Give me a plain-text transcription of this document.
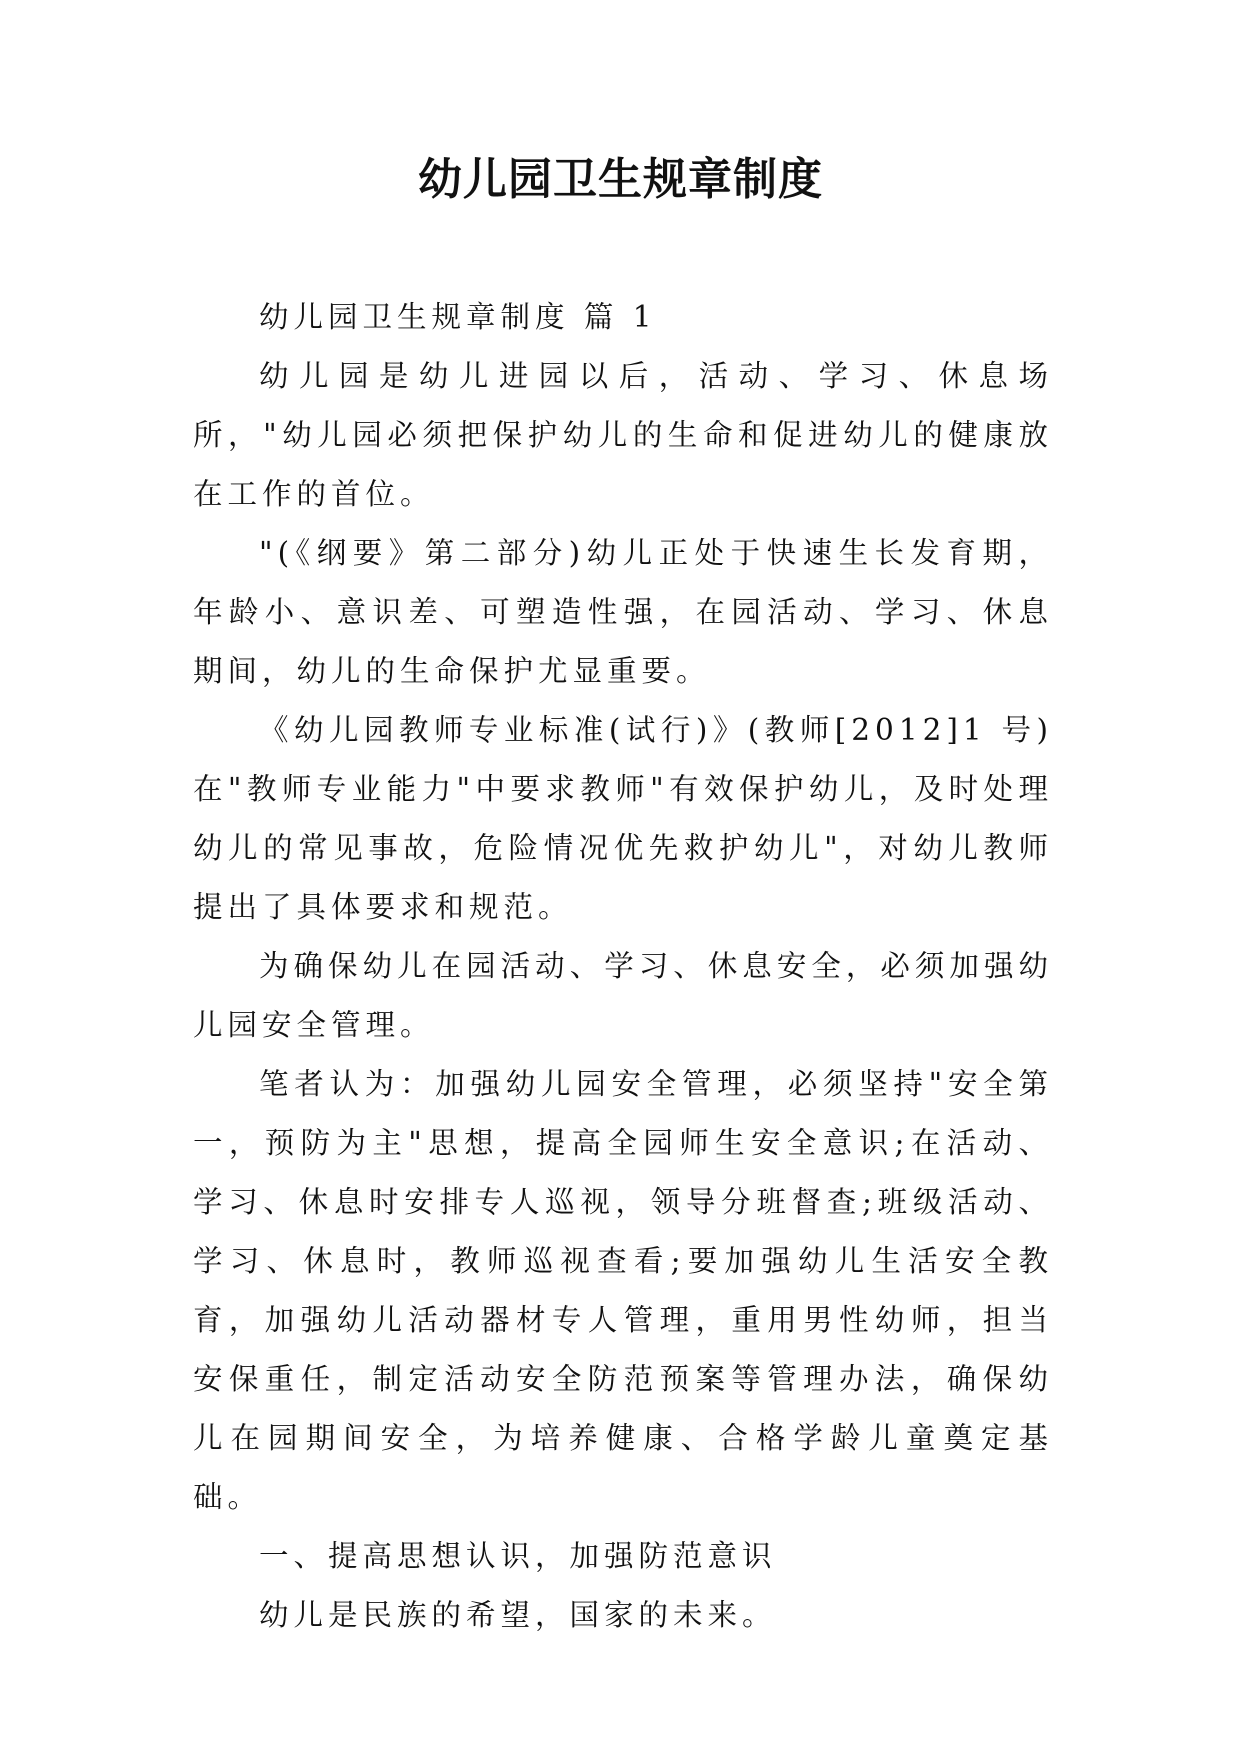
幼儿园卫生规章制度

幼儿园卫生规章制度 篇 1

幼儿园是幼儿进园以后，活动、学习、休息场所，"幼儿园必须把保护幼儿的生命和促进幼儿的健康放在工作的首位。

"(《纲要》第二部分)幼儿正处于快速生长发育期，年龄小、意识差、可塑造性强，在园活动、学习、休息期间，幼儿的生命保护尤显重要。

《幼儿园教师专业标准(试行)》(教师[2012]1 号)在"教师专业能力"中要求教师"有效保护幼儿，及时处理幼儿的常见事故，危险情况优先救护幼儿"，对幼儿教师提出了具体要求和规范。

为确保幼儿在园活动、学习、休息安全，必须加强幼儿园安全管理。

笔者认为：加强幼儿园安全管理，必须坚持"安全第一，预防为主"思想，提高全园师生安全意识;在活动、学习、休息时安排专人巡视，领导分班督查;班级活动、学习、休息时，教师巡视查看;要加强幼儿生活安全教育，加强幼儿活动器材专人管理，重用男性幼师，担当安保重任，制定活动安全防范预案等管理办法，确保幼儿在园期间安全，为培养健康、合格学龄儿童奠定基础。

一、提高思想认识，加强防范意识

幼儿是民族的希望，国家的未来。
